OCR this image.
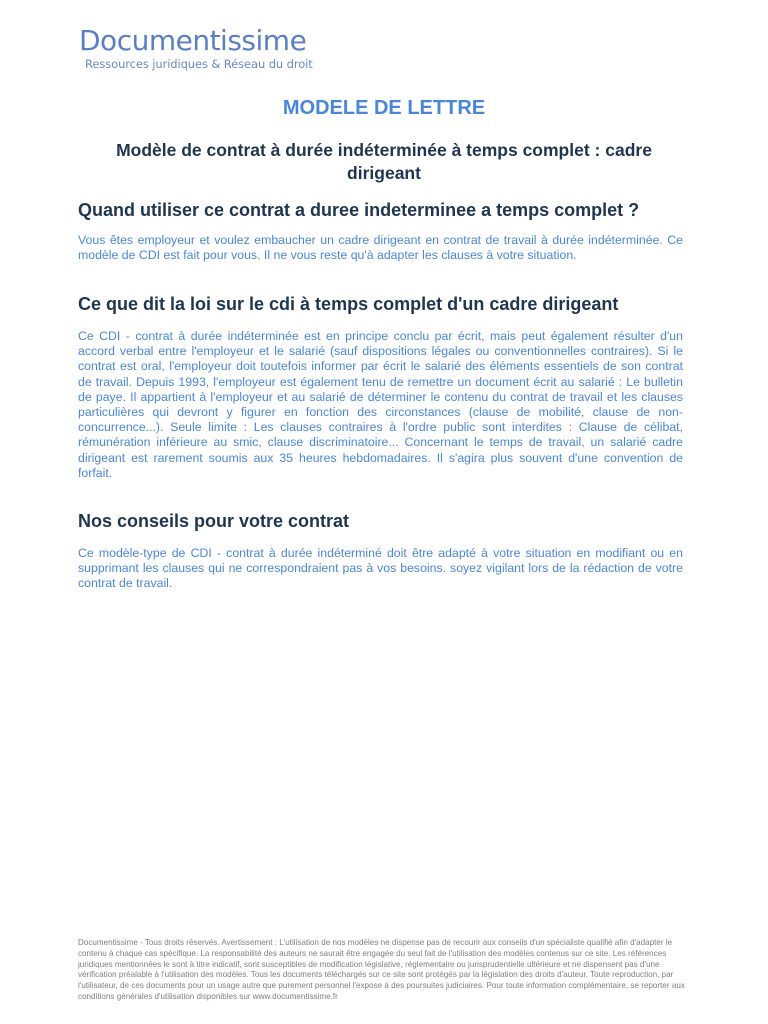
Documentissime
Ressources juridiques & Réseau du droit
MODELE DE LETTRE
Modèle de contrat à durée indéterminée à temps complet : cadre dirigeant
Quand utiliser ce contrat a duree indeterminee a temps complet ?

Vous êtes employeur et voulez embaucher un cadre dirigeant en contrat de travail à durée indéterminée. Ce modèle de CDI est fait pour vous. Il ne vous reste qu'à adapter les clauses à votre situation.

Ce que dit la loi sur le cdi à temps complet d'un cadre dirigeant

Ce CDI - contrat à durée indéterminée est en principe conclu par écrit, mais peut également résulter d'un accord verbal entre l'employeur et le salarié (sauf dispositions légales ou conventionnelles contraires). Si le contrat est oral, l'employeur doit toutefois informer par écrit le salarié des éléments essentiels de son contrat de travail. Depuis 1993, l'employeur est également tenu de remettre un document écrit au salarié : Le bulletin de paye. Il appartient à l'employeur et au salarié de déterminer le contenu du contrat de travail et les clauses particulières qui devront y figurer en fonction des circonstances (clause de mobilité, clause de non-concurrence...). Seule limite : Les clauses contraires à l'ordre public sont interdites : Clause de célibat, rémunération inférieure au smic, clause discriminatoire... Concernant le temps de travail, un salarié cadre dirigeant est rarement soumis aux 35 heures hebdomadaires. Il s'agira plus souvent d'une convention de forfait.

Nos conseils pour votre contrat

Ce modèle-type de CDI - contrat à durée indéterminé doit être adapté à votre situation en modifiant ou en supprimant les clauses qui ne correspondraient pas à vos besoins. soyez vigilant lors de la rédaction de votre contrat de travail.

Documentissime - Tous droits réservés. Avertissement : L'utilisation de nos modèles ne dispense pas de recourir aux conseils d'un spécialiste qualifié afin d'adapter le contenu à chaque cas spécifique. La responsabilité des auteurs ne saurait être engagée du seul fait de l'utilisation des modèles contenus sur ce site. Les références juridiques mentionnées le sont à titre indicatif, sont susceptibles de modification législative, réglementaire ou jurisprudentielle ultérieure et ne dispensent pas d'une vérification préalable à l'utilisation des modèles. Tous les documents téléchargés sur ce site sont protégés par la législation des droits d'auteur. Toute reproduction, par l'utilisateur, de ces documents pour un usage autre que purement personnel l'expose à des poursuites judiciaires. Pour toute information complémentaire, se reporter aux conditions générales d'utilisation disponibles sur www.documentissime.fr
